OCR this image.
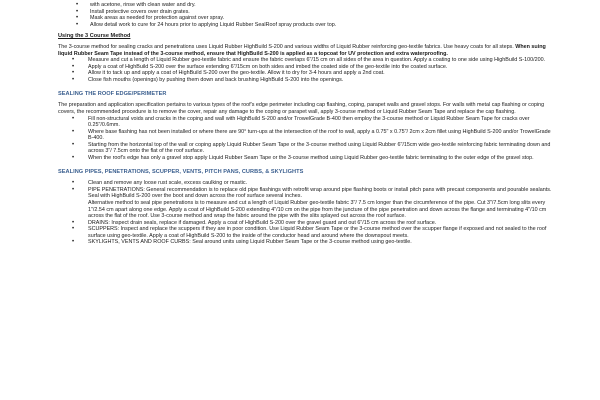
• with acetone, rinse with clean water and dry.
• Install protective covers over drain grates.
• Mask areas as needed for protection against over spray.
• Allow detail work to cure for 24 hours prior to applying Liquid Rubber SealRoof spray products over top.
Using the 3 Course Method

The 3-course method for sealing cracks and penetrations uses Liquid Rubber HighBuild S-200 and various widths of Liquid Rubber reinforcing geo-textile fabrics. Use heavy coats for all steps. When suing liquid Rubber Seam Tape instead of the 3-course method, ensure that HighBuild S-200 is applied as a topcoat for UV protection and extra waterproofing.

• Measure and cut a length of Liquid Rubber geo-textile fabric and ensure the fabric overlaps 6"/15 cm on all sides of the area in question. Apply a coating to one side using HighBuild S-100/200.
• Apply a coat of HighBuild S-200 over the surface extending 6"/15cm on both sides and imbed the coated side of the geo-textile into the coated surface.
• Allow it to tack up and apply a coat of HighBuild S-200 over the geo-textile. Allow it to dry for 3-4 hours and apply a 2nd coat.
• Close fish mouths (openings) by pushing them down and back brushing HighBuild S-200 into the openings.
SEALING THE ROOF EDGE/PERIMETER

The preparation and application specification pertains to various types of the roof's edge perimeter including cap flashing, coping, parapet walls and gravel stops. For walls with metal cap flashing or coping covers, the recommended procedure is to remove the cover, repair any damage to the coping or parapet wall, apply 3-course method or Liquid Rubber Seam Tape and replace the cap flashing.

• Fill non-structural voids and cracks in the coping and wall with HighBuild S-200 and/or TrowelGrade B-400 then employ the 3-course method or Liquid Rubber Seam Tape for cracks over 0.25"/0.6mm.
• Where base flashing has not been installed or where there are 90° turn-ups at the intersection of the roof to wall, apply a 0.75" x 0.75"/ 2cm x 2cm fillet using HighBuild S-200 and/or TrowelGrade B-400.
• Starting from the horizontal top of the wall or coping apply Liquid Rubber Seam Tape or the 3-course method using Liquid Rubber 6"/15cm wide geo-textile reinforcing fabric terminating down and across 3"/ 7.5cm onto the flat of the roof surface.
• When the roof's edge has only a gravel stop apply Liquid Rubber Seam Tape or the 3-course method using Liquid Rubber geo-textile fabric terminating to the outer edge of the gravel stop.
SEALING PIPES, PENETRATIONS, SCUPPER, VENTS, PITCH PANS, CURBS, & SKYLIGHTS
• Clean and remove any loose rust scale, excess caulking or mastic.
• PIPE PENETRATIONS: General recommendation is to replace old pipe flashings with retrofit wrap around pipe flashing boots or install pitch pans with precast components and pourable sealants. Seal with HighBuild S-200 over the boot and down across the roof surface several inches.

Alternative method to seal pipe penetrations is to measure and cut a length of Liquid Rubber geo-textile fabric 3"/ 7.5 cm longer than the circumference of the pipe. Cut 3"/7.5cm long slits every 1"/2.54 cm apart along one edge. Apply a coat of HighBuild S-200 extending 4"/10 cm on the pipe from the juncture of the pipe penetration and down across the flange and terminating 4"/10 cm across the flat of the roof. Use 3-course method and wrap the fabric around the pipe with the slits splayed out across the roof surface.

• DRAINS: Inspect drain seals, replace if damaged. Apply a coat of HighBuild S-200 over the gravel guard and out 6"/15 cm across the roof surface.
• SCUPPERS: Inspect and replace the scuppers if they are in poor condition. Use Liquid Rubber Seam Tape or the 3-course method over the scupper flange if exposed and not sealed to the roof surface using geo-textile. Apply a coat of HighBuild S-200 to the inside of the conductor head and around where the downspout meets.
• SKYLIGHTS, VENTS AND ROOF CURBS: Seal around units using Liquid Rubber Seam Tape or the 3-course method using geo-textile.
